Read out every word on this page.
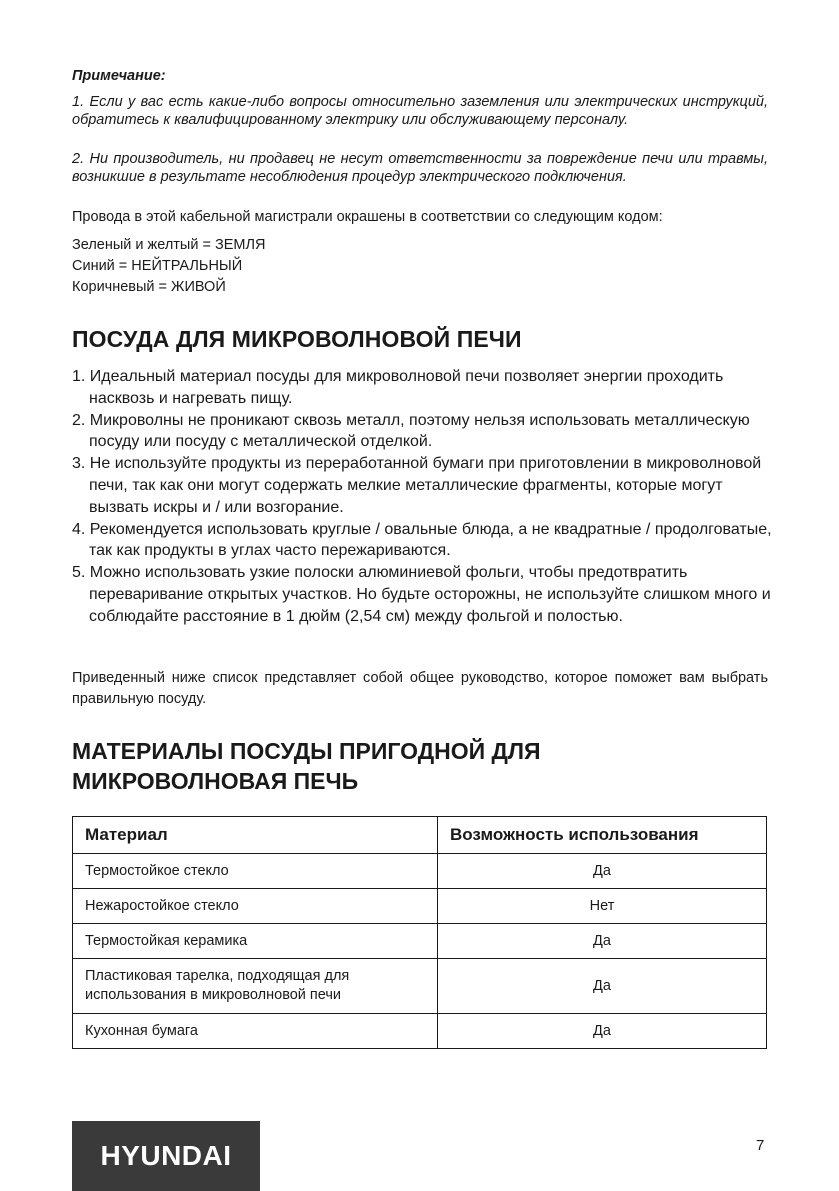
Примечание:
1. Если у вас есть какие-либо вопросы относительно заземления или электрических инструкций, обратитесь к квалифицированному электрику или обслуживающему персоналу.
2. Ни производитель, ни продавец не несут ответственности за повреждение печи или травмы, возникшие в результате несоблюдения процедур электрического подключения.
Провода в этой кабельной магистрали окрашены в соответствии со следующим кодом:
Зеленый и желтый = ЗЕМЛЯ
Синий = НЕЙТРАЛЬНЫЙ
Коричневый = ЖИВОЙ
ПОСУДА ДЛЯ МИКРОВОЛНОВОЙ ПЕЧИ
1. Идеальный материал посуды для микроволновой печи позволяет энергии проходить насквозь и нагревать пищу.
2. Микроволны не проникают сквозь металл, поэтому нельзя использовать металлическую посуду или посуду с металлической отделкой.
3. Не используйте продукты из переработанной бумаги при приготовлении в микроволновой печи, так как они могут содержать мелкие металлические фрагменты, которые могут вызвать искры и / или возгорание.
4. Рекомендуется использовать круглые / овальные блюда, а не квадратные / продолговатые, так как продукты в углах часто пережариваются.
5. Можно использовать узкие полоски алюминиевой фольги, чтобы предотвратить переваривание открытых участков. Но будьте осторожны, не используйте слишком много и соблюдайте расстояние в 1 дюйм (2,54 см) между фольгой и полостью.
Приведенный ниже список представляет собой общее руководство, которое поможет вам выбрать правильную посуду.
МАТЕРИАЛЫ ПОСУДЫ ПРИГОДНОЙ ДЛЯ МИКРОВОЛНОВАЯ ПЕЧЬ
Материал	Возможность использования
Термостойкое стекло	Да
Нежаростойкое стекло	Нет
Термостойкая керамика	Да
Пластиковая тарелка, подходящая для использования в микроволновой печи	Да
Кухонная бумага	Да
HYUNDAI	7
